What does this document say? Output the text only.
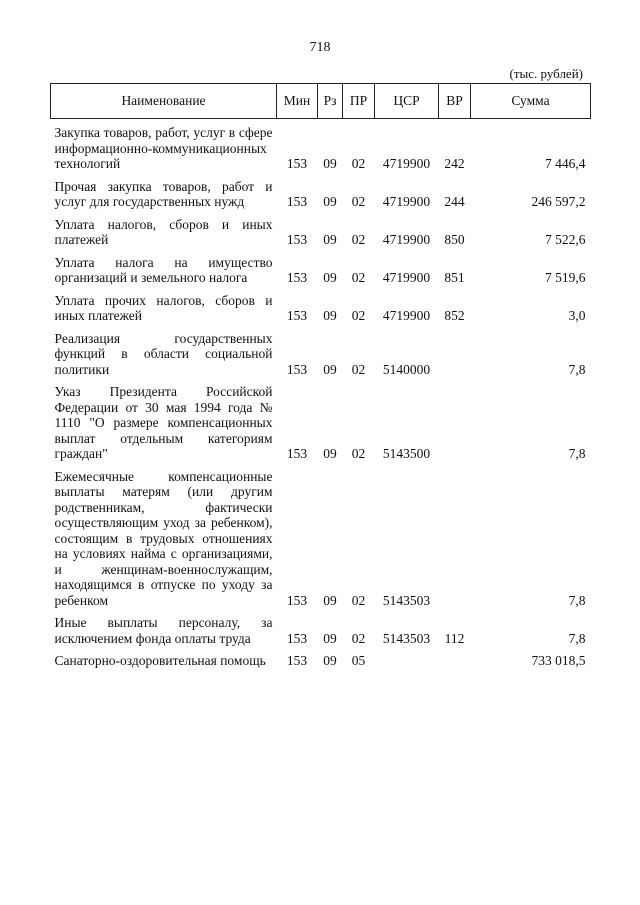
718
(тыс. рублей)
Наименование	Мин	Рз	ПР	ЦСР	ВР	Сумма
Закупка товаров, работ, услуг в сфере информационно-коммуникационных технологий	153	09	02	4719900	242	7 446,4
Прочая закупка товаров, работ и услуг для государственных нужд	153	09	02	4719900	244	246 597,2
Уплата налогов, сборов и иных платежей	153	09	02	4719900	850	7 522,6
Уплата налога на имущество организаций и земельного налога	153	09	02	4719900	851	7 519,6
Уплата прочих налогов, сборов и иных платежей	153	09	02	4719900	852	3,0
Реализация государственных функций в области социальной политики	153	09	02	5140000		7,8
Указ Президента Российской Федерации от 30 мая 1994 года № 1110 "О размере компенсационных выплат отдельным категориям граждан"	153	09	02	5143500		7,8
Ежемесячные компенсационные выплаты матерям (или другим родственникам, фактически осуществляющим уход за ребенком), состоящим в трудовых отношениях на условиях найма с организациями, и женщинам-военнослужащим, находящимся в отпуске по уходу за ребенком	153	09	02	5143503		7,8
Иные выплаты персоналу, за исключением фонда оплаты труда	153	09	02	5143503	112	7,8
Санаторно-оздоровительная помощь	153	09	05			733 018,5
